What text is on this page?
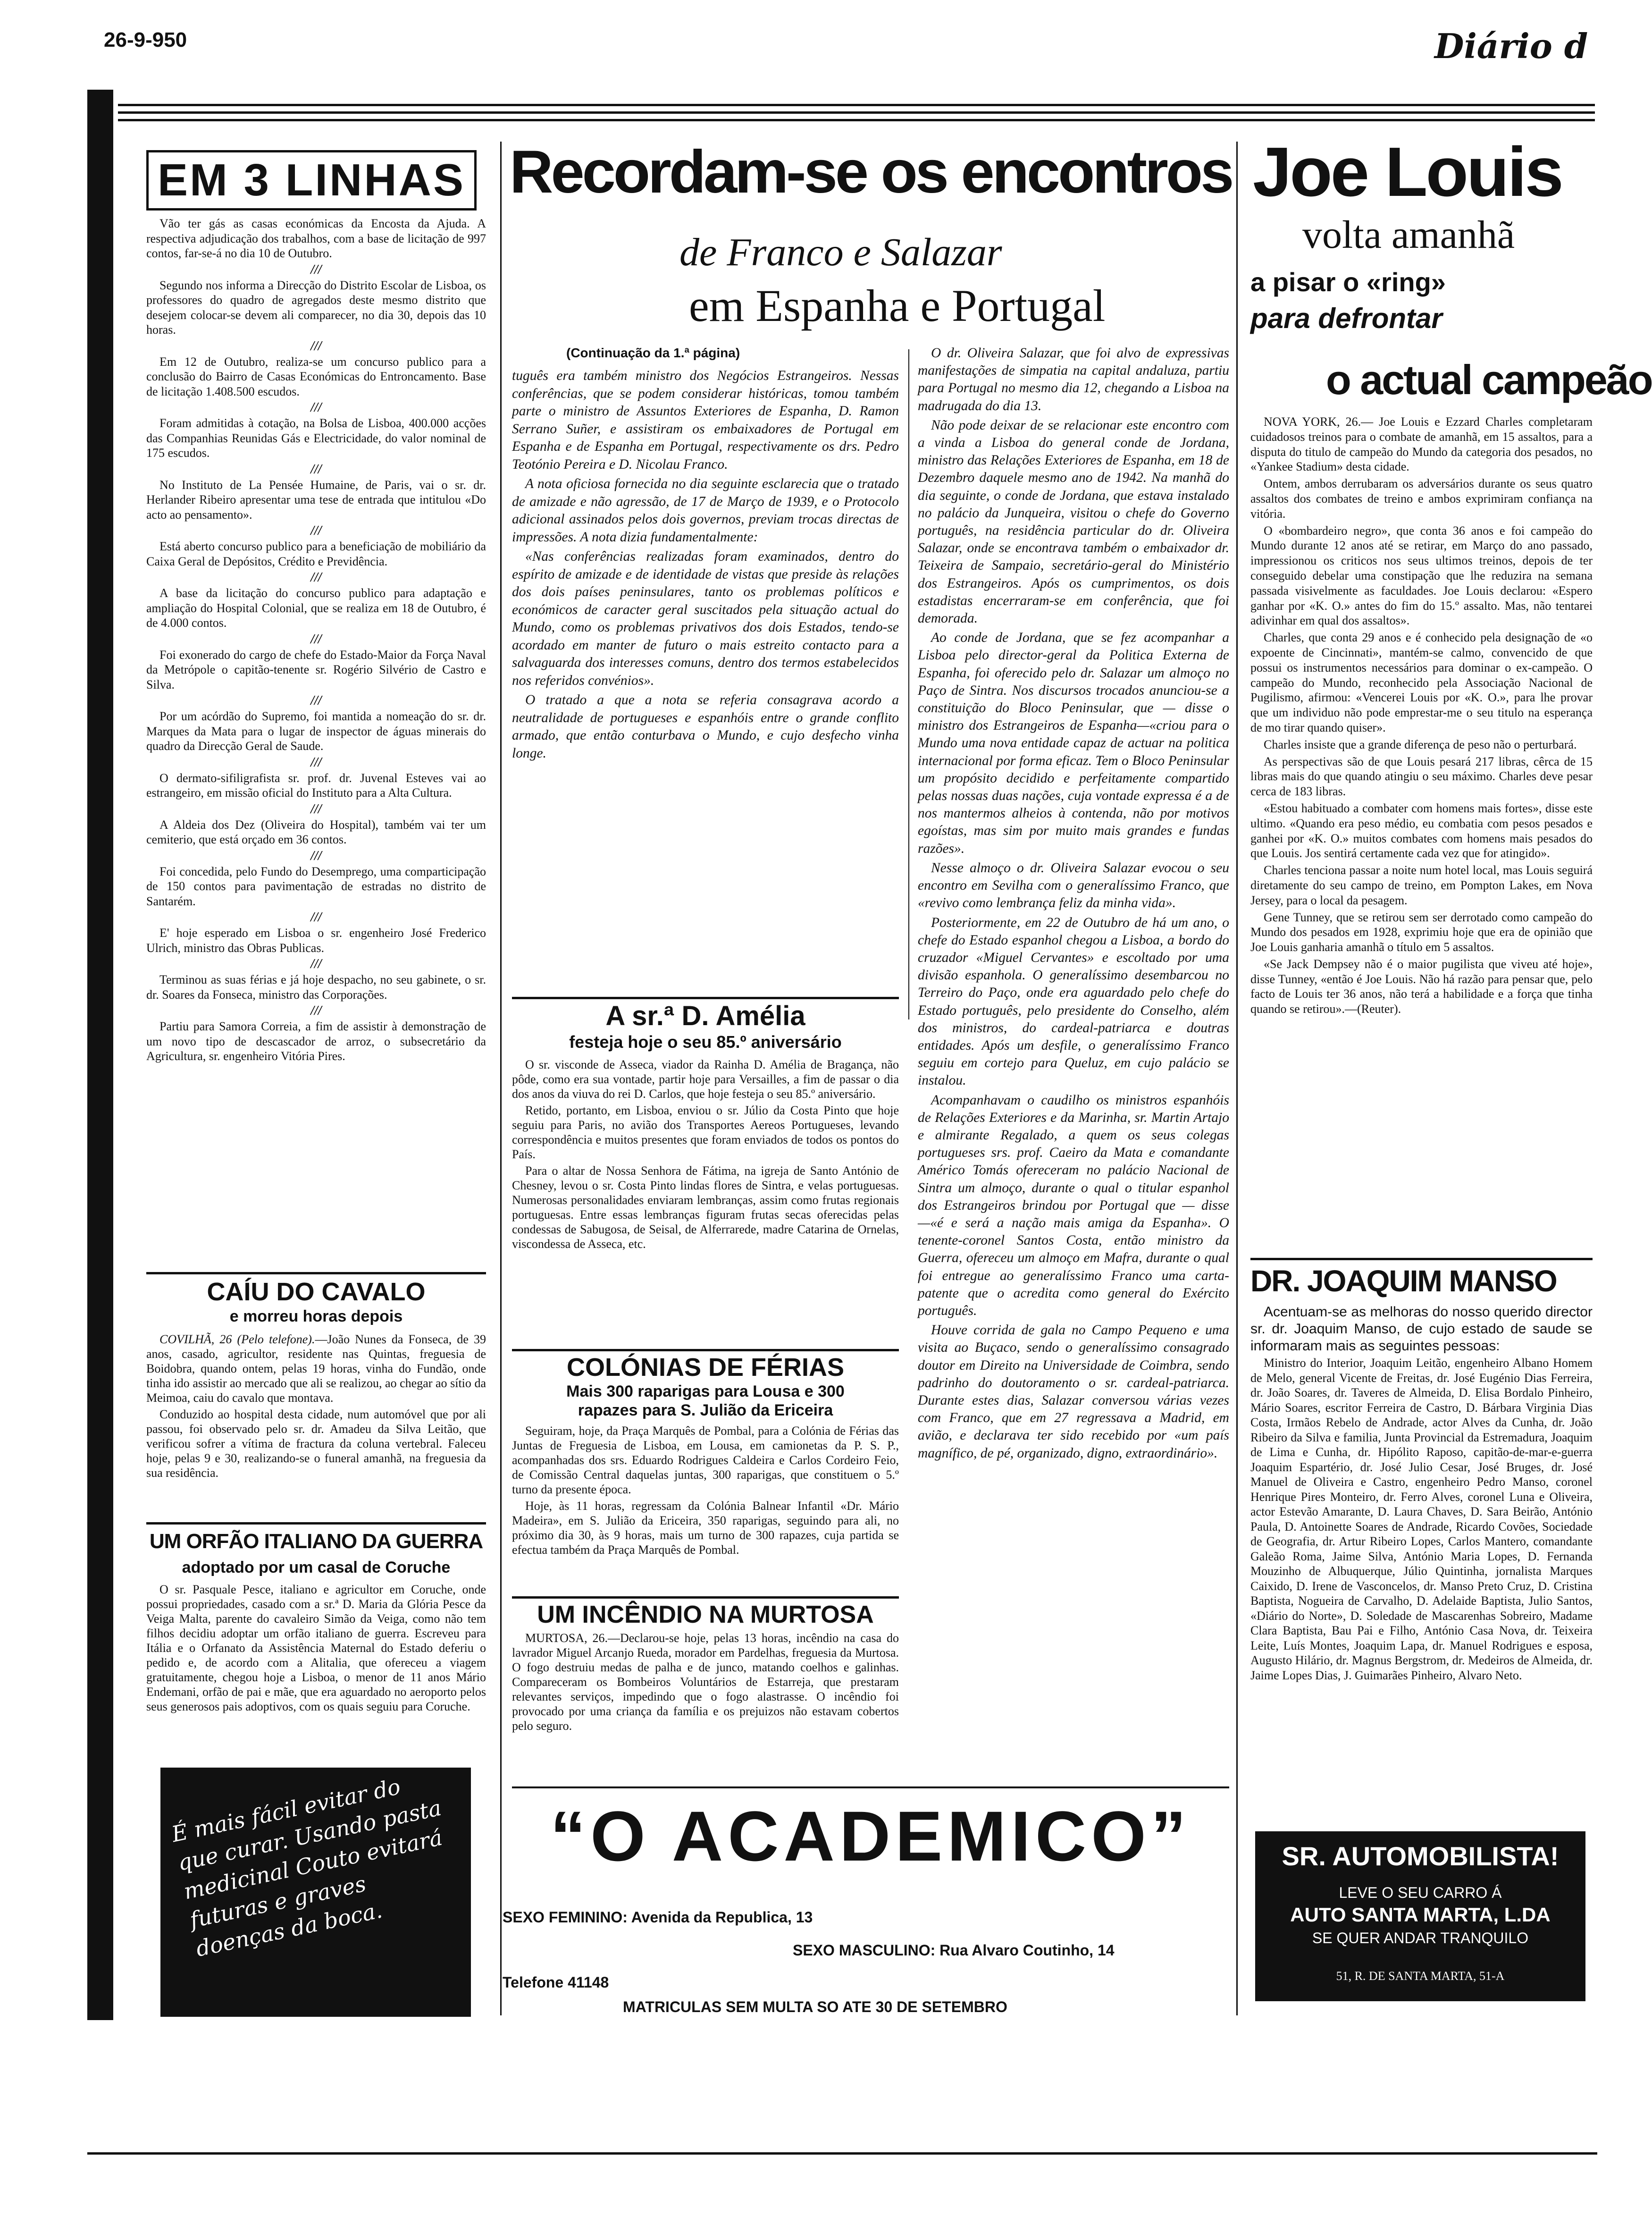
26-9-950	Diário d
EM 3 LINHAS

Vão ter gás as casas económicas da Encosta da Ajuda. A respectiva adjudicação dos trabalhos, com a base de licitação de 997 contos, far-se-á no dia 10 de Outubro.

///

Segundo nos informa a Direcção do Distrito Escolar de Lisboa, os professores do quadro de agregados deste mesmo distrito que desejem colocar-se devem ali comparecer, no dia 30, depois das 10 horas.

///

Em 12 de Outubro, realiza-se um concurso publico para a conclusão do Bairro de Casas Económicas do Entroncamento. Base de licitação 1.408.500 escudos.

///

Foram admitidas à cotação, na Bolsa de Lisboa, 400.000 acções das Companhias Reunidas Gás e Electricidade, do valor nominal de 175 escudos.

///

No Instituto de La Pensée Humaine, de Paris, vai o sr. dr. Herlander Ribeiro apresentar uma tese de entrada que intitulou «Do acto ao pensamento».

///

Está aberto concurso publico para a beneficiação de mobiliário da Caixa Geral de Depósitos, Crédito e Previdência.

///

A base da licitação do concurso publico para adaptação e ampliação do Hospital Colonial, que se realiza em 18 de Outubro, é de 4.000 contos.

///

Foi exonerado do cargo de chefe do Estado-Maior da Força Naval da Metrópole o capitão-tenente sr. Rogério Silvério de Castro e Silva.

///

Por um acórdão do Supremo, foi mantida a nomeação do sr. dr. Marques da Mata para o lugar de inspector de águas minerais do quadro da Direcção Geral de Saude.

///

O dermato-sifiligrafista sr. prof. dr. Juvenal Esteves vai ao estrangeiro, em missão oficial do Instituto para a Alta Cultura.

///

A Aldeia dos Dez (Oliveira do Hospital), também vai ter um cemiterio, que está orçado em 36 contos.

///

Foi concedida, pelo Fundo do Desemprego, uma comparticipação de 150 contos para pavimentação de estradas no distrito de Santarém.

///

E' hoje esperado em Lisboa o sr. engenheiro José Frederico Ulrich, ministro das Obras Publicas.

///

Terminou as suas férias e já hoje despacho, no seu gabinete, o sr. dr. Soares da Fonseca, ministro das Corporações.

///

Partiu para Samora Correia, a fim de assistir à demonstração de um novo tipo de descascador de arroz, o subsecretário da Agricultura, sr. engenheiro Vitória Pires.

CAÍU DO CAVALO
e morreu horas depois

COVILHÃ, 26 (Pelo telefone).—João Nunes da Fonseca, de 39 anos, casado, agricultor, residente nas Quintas, freguesia de Boidobra, quando ontem, pelas 19 horas, vinha do Fundão, onde tinha ido assistir ao mercado que ali se realizou, ao chegar ao sítio da Meimoa, caiu do cavalo que montava.

Conduzido ao hospital desta cidade, num automóvel que por ali passou, foi observado pelo sr. dr. Amadeu da Silva Leitão, que verificou sofrer a vítima de fractura da coluna vertebral. Faleceu hoje, pelas 9 e 30, realizando-se o funeral amanhã, na freguesia da sua residência.

UM ORFÃO ITALIANO DA GUERRA
adoptado por um casal de Coruche

O sr. Pasquale Pesce, italiano e agricultor em Coruche, onde possui propriedades, casado com a sr.ª D. Maria da Glória Pesce da Veiga Malta, parente do cavaleiro Simão da Veiga, como não tem filhos decidiu adoptar um orfão italiano de guerra. Escreveu para Itália e o Orfanato da Assistência Maternal do Estado deferiu o pedido e, de acordo com a Alitalia, que ofereceu a viagem gratuitamente, chegou hoje a Lisboa, o menor de 11 anos Mário Endemani, orfão de pai e mãe, que era aguardado no aeroporto pelos seus generosos pais adoptivos, com os quais seguiu para Coruche.

É mais fácil evitar do que curar. Usando pasta medicinal Couto evitará futuras e graves doenças da boca.
Recordam-se os encontros
de Franco e Salazar
em Espanha e Portugal
(Continuação da 1.ª página)

tuguês era também ministro dos Negócios Estrangeiros. Nessas conferências, que se podem considerar históricas, tomou também parte o ministro de Assuntos Exteriores de Espanha, D. Ramon Serrano Suñer, e assistiram os embaixadores de Portugal em Espanha e de Espanha em Portugal, respectivamente os drs. Pedro Teotónio Pereira e D. Nicolau Franco.

A nota oficiosa fornecida no dia seguinte esclarecia que o tratado de amizade e não agressão, de 17 de Março de 1939, e o Protocolo adicional assinados pelos dois governos, previam trocas directas de impressões. A nota dizia fundamentalmente:

«Nas conferências realizadas foram examinados, dentro do espírito de amizade e de identidade de vistas que preside às relações dos dois países peninsulares, tanto os problemas políticos e económicos de caracter geral suscitados pela situação actual do Mundo, como os problemas privativos dos dois Estados, tendo-se acordado em manter de futuro o mais estreito contacto para a salvaguarda dos interesses comuns, dentro dos termos estabelecidos nos referidos convénios».

O tratado a que a nota se referia consagrava acordo a neutralidade de portugueses e espanhóis entre o grande conflito armado, que então conturbava o Mundo, e cujo desfecho vinha longe.

A sr.ª D. Amélia
festeja hoje o seu 85.º aniversário

O sr. visconde de Asseca, viador da Rainha D. Amélia de Bragança, não pôde, como era sua vontade, partir hoje para Versailles, a fim de passar o dia dos anos da viuva do rei D. Carlos, que hoje festeja o seu 85.º aniversário.

Retido, portanto, em Lisboa, enviou o sr. Júlio da Costa Pinto que hoje seguiu para Paris, no avião dos Transportes Aereos Portugueses, levando correspondência e muitos presentes que foram enviados de todos os pontos do País.

Para o altar de Nossa Senhora de Fátima, na igreja de Santo António de Chesney, levou o sr. Costa Pinto lindas flores de Sintra, e velas portuguesas. Numerosas personalidades enviaram lembranças, assim como frutas regionais portuguesas. Entre essas lembranças figuram frutas secas oferecidas pelas condessas de Sabugosa, de Seisal, de Alferrarede, madre Catarina de Ornelas, viscondessa de Asseca, etc.

COLÓNIAS DE FÉRIAS
Mais 300 raparigas para Lousa e 300
rapazes para S. Julião da Ericeira

Seguiram, hoje, da Praça Marquês de Pombal, para a Colónia de Férias das Juntas de Freguesia de Lisboa, em Lousa, em camionetas da P. S. P., acompanhadas dos srs. Eduardo Rodrigues Caldeira e Carlos Cordeiro Feio, de Comissão Central daquelas juntas, 300 raparigas, que constituem o 5.º turno da presente época.

Hoje, às 11 horas, regressam da Colónia Balnear Infantil «Dr. Mário Madeira», em S. Julião da Ericeira, 350 raparigas, seguindo para ali, no próximo dia 30, às 9 horas, mais um turno de 300 rapazes, cuja partida se efectua também da Praça Marquês de Pombal.

UM INCÊNDIO NA MURTOSA

MURTOSA, 26.—Declarou-se hoje, pelas 13 horas, incêndio na casa do lavrador Miguel Arcanjo Rueda, morador em Pardelhas, freguesia da Murtosa. O fogo destruiu medas de palha e de junco, matando coelhos e galinhas. Compareceram os Bombeiros Voluntários de Estarreja, que prestaram relevantes serviços, impedindo que o fogo alastrasse. O incêndio foi provocado por uma criança da família e os prejuizos não estavam cobertos pelo seguro.

O dr. Oliveira Salazar, que foi alvo de expressivas manifestações de simpatia na capital andaluza, partiu para Portugal no mesmo dia 12, chegando a Lisboa na madrugada do dia 13.

Não pode deixar de se relacionar este encontro com a vinda a Lisboa do general conde de Jordana, ministro das Relações Exteriores de Espanha, em 18 de Dezembro daquele mesmo ano de 1942. Na manhã do dia seguinte, o conde de Jordana, que estava instalado no palácio da Junqueira, visitou o chefe do Governo português, na residência particular do dr. Oliveira Salazar, onde se encontrava também o embaixador dr. Teixeira de Sampaio, secretário-geral do Ministério dos Estrangeiros. Após os cumprimentos, os dois estadistas encerraram-se em conferência, que foi demorada.

Ao conde de Jordana, que se fez acompanhar a Lisboa pelo director-geral da Politica Externa de Espanha, foi oferecido pelo dr. Salazar um almoço no Paço de Sintra. Nos discursos trocados anunciou-se a constituição do Bloco Peninsular, que — disse o ministro dos Estrangeiros de Espanha—«criou para o Mundo uma nova entidade capaz de actuar na politica internacional por forma eficaz. Tem o Bloco Peninsular um propósito decidido e perfeitamente compartido pelas nossas duas nações, cuja vontade expressa é a de nos mantermos alheios à contenda, não por motivos egoístas, mas sim por muito mais grandes e fundas razões».

Nesse almoço o dr. Oliveira Salazar evocou o seu encontro em Sevilha com o generalíssimo Franco, que «revivo como lembrança feliz da minha vida».

Posteriormente, em 22 de Outubro de há um ano, o chefe do Estado espanhol chegou a Lisboa, a bordo do cruzador «Miguel Cervantes» e escoltado por uma divisão espanhola. O generalíssimo desembarcou no Terreiro do Paço, onde era aguardado pelo chefe do Estado português, pelo presidente do Conselho, além dos ministros, do cardeal-patriarca e doutras entidades. Após um desfile, o generalíssimo Franco seguiu em cortejo para Queluz, em cujo palácio se instalou.

Acompanhavam o caudilho os ministros espanhóis de Relações Exteriores e da Marinha, sr. Martin Artajo e almirante Regalado, a quem os seus colegas portugueses srs. prof. Caeiro da Mata e comandante Américo Tomás ofereceram no palácio Nacional de Sintra um almoço, durante o qual o titular espanhol dos Estrangeiros brindou por Portugal que — disse—«é e será a nação mais amiga da Espanha». O tenente-coronel Santos Costa, então ministro da Guerra, ofereceu um almoço em Mafra, durante o qual foi entregue ao generalíssimo Franco uma carta-patente que o acredita como general do Exército português.

Houve corrida de gala no Campo Pequeno e uma visita ao Buçaco, sendo o generalíssimo consagrado doutor em Direito na Universidade de Coimbra, sendo padrinho do doutoramento o sr. cardeal-patriarca. Durante estes dias, Salazar conversou várias vezes com Franco, que em 27 regressava a Madrid, em avião, e declarava ter sido recebido por «um país magnífico, de pé, organizado, digno, extraordinário».

“O ACADEMICO”
SEXO FEMININO: Avenida da Republica, 13
SEXO MASCULINO: Rua Alvaro Coutinho, 14
Telefone 41148
MATRICULAS SEM MULTA SO ATE 30 DE SETEMBRO
Joe Louis
volta amanhã
a pisar o «ring»
para defrontar
o actual campeão

NOVA YORK, 26.— Joe Louis e Ezzard Charles completaram cuidadosos treinos para o combate de amanhã, em 15 assaltos, para a disputa do titulo de campeão do Mundo da categoria dos pesados, no «Yankee Stadium» desta cidade.

Ontem, ambos derrubaram os adversários durante os seus quatro assaltos dos combates de treino e ambos exprimiram confiança na vitória.

O «bombardeiro negro», que conta 36 anos e foi campeão do Mundo durante 12 anos até se retirar, em Março do ano passado, impressionou os criticos nos seus ultimos treinos, depois de ter conseguido debelar uma constipação que lhe reduzira na semana passada visivelmente as faculdades. Joe Louis declarou: «Espero ganhar por «K. O.» antes do fim do 15.º assalto. Mas, não tentarei adivinhar em qual dos assaltos».

Charles, que conta 29 anos e é conhecido pela designação de «o expoente de Cincinnati», mantém-se calmo, convencido de que possui os instrumentos necessários para dominar o ex-campeão. O campeão do Mundo, reconhecido pela Associação Nacional de Pugilismo, afirmou: «Vencerei Louis por «K. O.», para lhe provar que um individuo não pode emprestar-me o seu titulo na esperança de mo tirar quando quiser».

Charles insiste que a grande diferença de peso não o perturbará.

As perspectivas são de que Louis pesará 217 libras, cêrca de 15 libras mais do que quando atingiu o seu máximo. Charles deve pesar cerca de 183 libras.

«Estou habituado a combater com homens mais fortes», disse este ultimo. «Quando era peso médio, eu combatia com pesos pesados e ganhei por «K. O.» muitos combates com homens mais pesados do que Louis. Jos sentirá certamente cada vez que for atingido».

Charles tenciona passar a noite num hotel local, mas Louis seguirá diretamente do seu campo de treino, em Pompton Lakes, em Nova Jersey, para o local da pesagem.

Gene Tunney, que se retirou sem ser derrotado como campeão do Mundo dos pesados em 1928, exprimiu hoje que era de opinião que Joe Louis ganharia amanhã o título em 5 assaltos.

«Se Jack Dempsey não é o maior pugilista que viveu até hoje», disse Tunney, «então é Joe Louis. Não há razão para pensar que, pelo facto de Louis ter 36 anos, não terá a habilidade e a força que tinha quando se retirou».—(Reuter).

DR. JOAQUIM MANSO

Acentuam-se as melhoras do nosso querido director sr. dr. Joaquim Manso, de cujo estado de saude se informaram mais as seguintes pessoas:

Ministro do Interior, Joaquim Leitão, engenheiro Albano Homem de Melo, general Vicente de Freitas, dr. José Eugénio Dias Ferreira, dr. João Soares, dr. Taveres de Almeida, D. Elisa Bordalo Pinheiro, Mário Soares, escritor Ferreira de Castro, D. Bárbara Virginia Dias Costa, Irmãos Rebelo de Andrade, actor Alves da Cunha, dr. João Ribeiro da Silva e familia, Junta Provincial da Estremadura, Joaquim de Lima e Cunha, dr. Hipólito Raposo, capitão-de-mar-e-guerra Joaquim Espartério, dr. José Julio Cesar, José Bruges, dr. José Manuel de Oliveira e Castro, engenheiro Pedro Manso, coronel Henrique Pires Monteiro, dr. Ferro Alves, coronel Luna e Oliveira, actor Estevão Amarante, D. Laura Chaves, D. Sara Beirão, António Paula, D. Antoinette Soares de Andrade, Ricardo Covões, Sociedade de Geografia, dr. Artur Ribeiro Lopes, Carlos Mantero, comandante Galeão Roma, Jaime Silva, António Maria Lopes, D. Fernanda Mouzinho de Albuquerque, Júlio Quintinha, jornalista Marques Caixido, D. Irene de Vasconcelos, dr. Manso Preto Cruz, D. Cristina Baptista, Nogueira de Carvalho, D. Adelaide Baptista, Julio Santos, «Diário do Norte», D. Soledade de Mascarenhas Sobreiro, Madame Clara Baptista, Bau Pai e Filho, António Casa Nova, dr. Teixeira Leite, Luís Montes, Joaquim Lapa, dr. Manuel Rodrigues e esposa, Augusto Hilário, dr. Magnus Bergstrom, dr. Medeiros de Almeida, dr. Jaime Lopes Dias, J. Guimarães Pinheiro, Alvaro Neto.

SR. AUTOMOBILISTA!
LEVE O SEU CARRO Á
AUTO SANTA MARTA, L.DA
SE QUER ANDAR TRANQUILO
51, R. DE SANTA MARTA, 51-A
